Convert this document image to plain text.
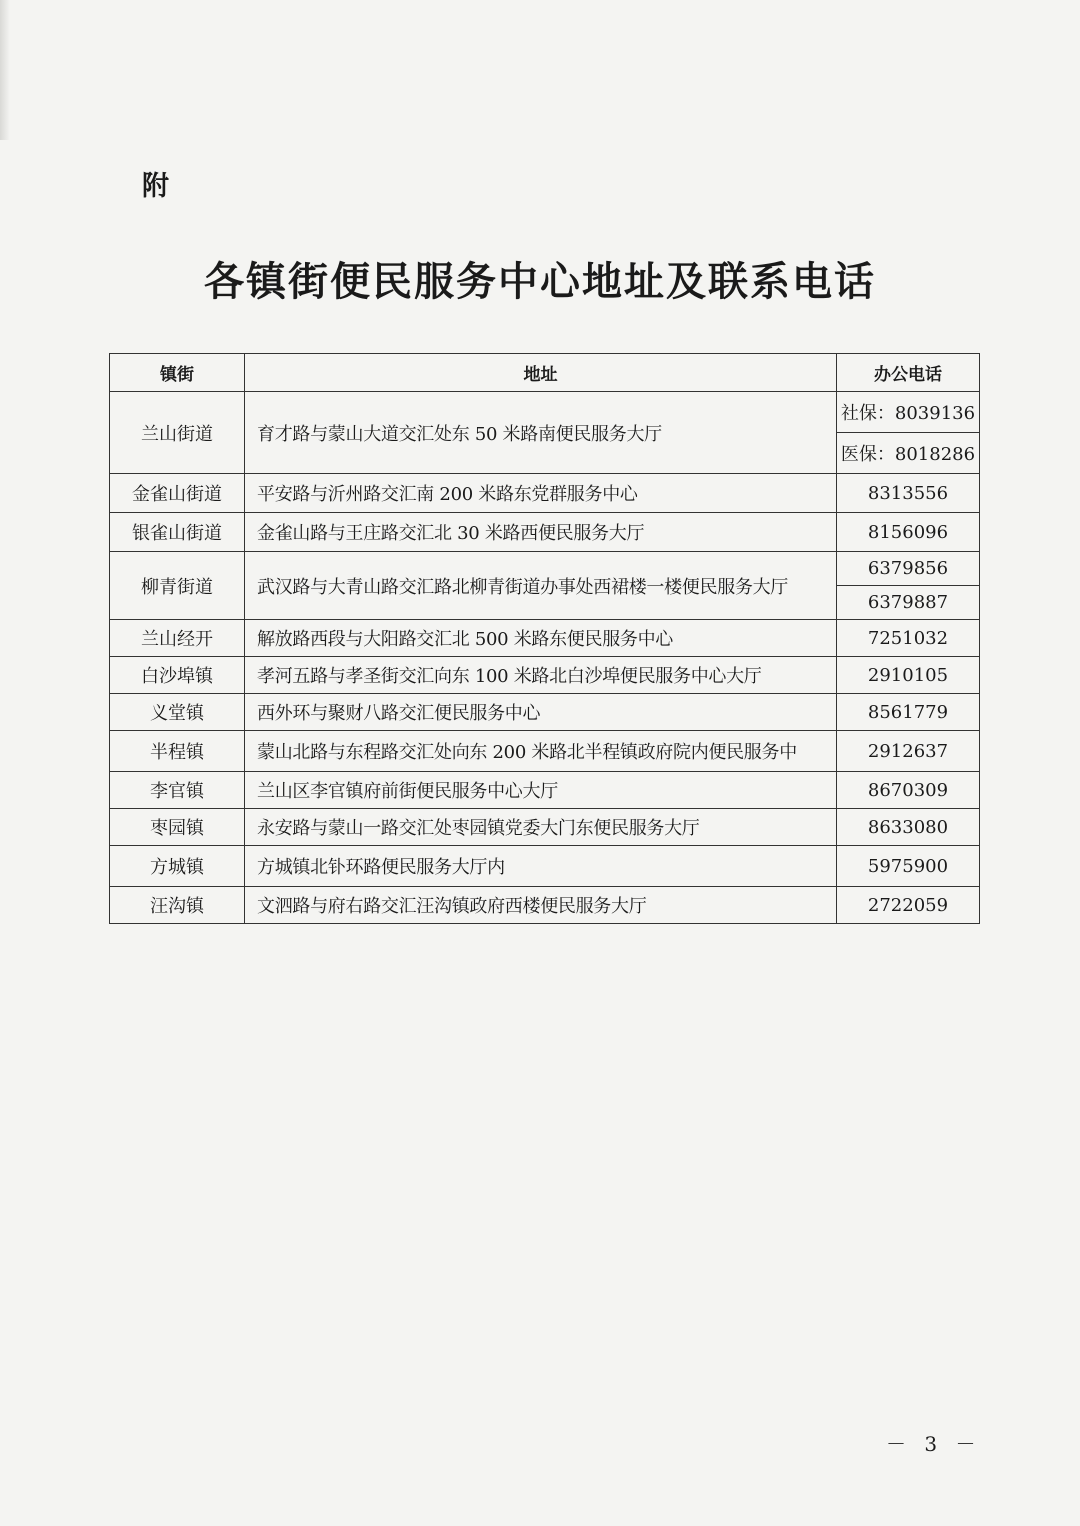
附
各镇街便民服务中心地址及联系电话
镇街	地址	办公电话
兰山街道	育才路与蒙山大道交汇处东 50 米路南便民服务大厅	社保：8039136
		医保：8018286
金雀山街道	平安路与沂州路交汇南 200 米路东党群服务中心	8313556
银雀山街道	金雀山路与王庄路交汇北 30 米路西便民服务大厅	8156096
柳青街道	武汉路与大青山路交汇路北柳青街道办事处西裙楼一楼便民服务大厅	6379856
		6379887
兰山经开	解放路西段与大阳路交汇北 500 米路东便民服务中心	7251032
白沙埠镇	孝河五路与孝圣街交汇向东 100 米路北白沙埠便民服务中心大厅	2910105
义堂镇	西外环与聚财八路交汇便民服务中心	8561779
半程镇	蒙山北路与东程路交汇处向东 200 米路北半程镇政府院内便民服务中	2912637
李官镇	兰山区李官镇府前街便民服务中心大厅	8670309
枣园镇	永安路与蒙山一路交汇处枣园镇党委大门东便民服务大厅	8633080
方城镇	方城镇北钋环路便民服务大厅内	5975900
汪沟镇	文泗路与府右路交汇汪沟镇政府西楼便民服务大厅	2722059
－ 3 －
